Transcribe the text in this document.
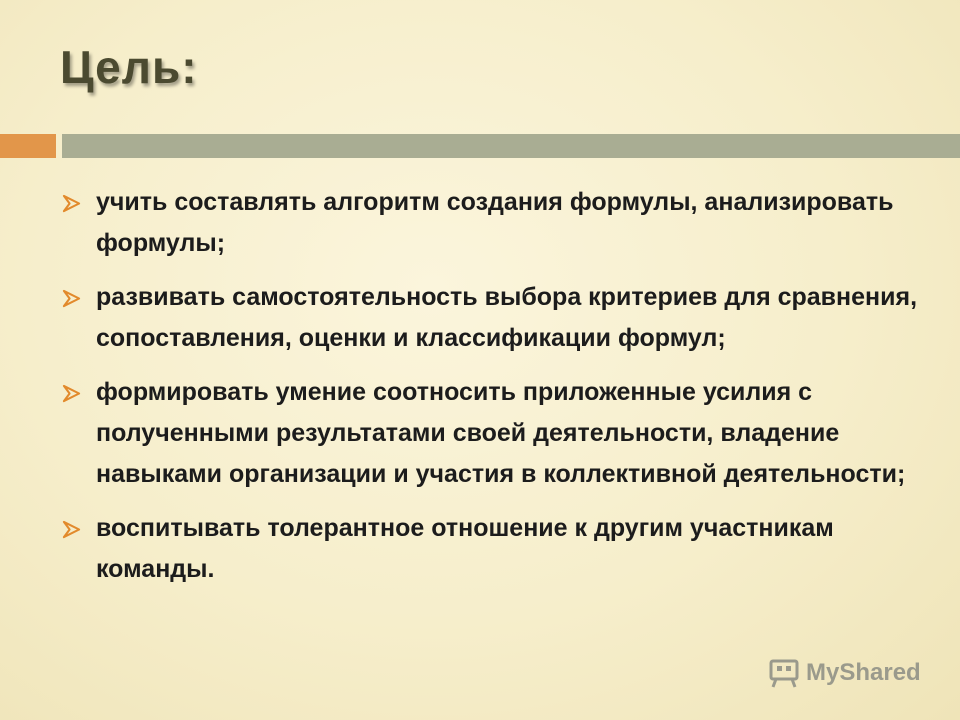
Цель:
учить составлять алгоритм создания формулы, анализировать формулы;
развивать самостоятельность выбора критериев для сравнения, сопоставления, оценки и классификации формул;
формировать умение соотносить приложенные усилия с полученными результатами своей деятельности, владение навыками организации и участия в коллективной деятельности;
воспитывать толерантное отношение к другим участникам команды.
MyShared
